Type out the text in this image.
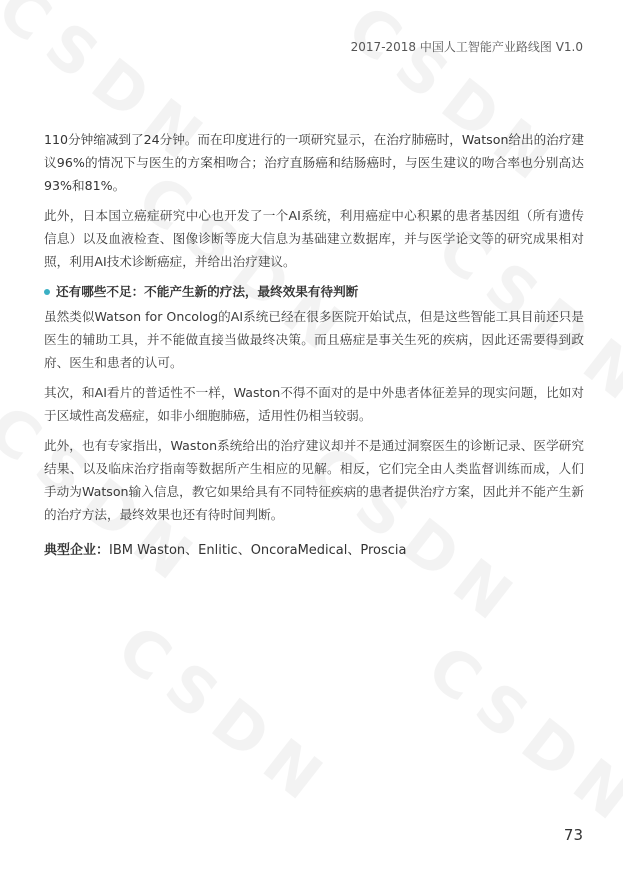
2017-2018 中国人工智能产业路线图 V1.0

110分钟缩减到了24分钟。而在印度进行的一项研究显示，在治疗肺癌时，Watson给出的治疗建议96%的情况下与医生的方案相吻合；治疗直肠癌和结肠癌时，与医生建议的吻合率也分别高达93%和81%。

此外，日本国立癌症研究中心也开发了一个AI系统，利用癌症中心积累的患者基因组（所有遗传信息）以及血液检查、图像诊断等庞大信息为基础建立数据库，并与医学论文等的研究成果相对照，利用AI技术诊断癌症，并给出治疗建议。

还有哪些不足：不能产生新的疗法，最终效果有待判断

虽然类似Watson for Oncolog的AI系统已经在很多医院开始试点，但是这些智能工具目前还只是医生的辅助工具，并不能做直接当做最终决策。而且癌症是事关生死的疾病，因此还需要得到政府、医生和患者的认可。

其次，和AI看片的普适性不一样，Waston不得不面对的是中外患者体征差异的现实问题，比如对于区域性高发癌症，如非小细胞肺癌，适用性仍相当较弱。

此外，也有专家指出，Waston系统给出的治疗建议却并不是通过洞察医生的诊断记录、医学研究结果、以及临床治疗指南等数据所产生相应的见解。相反，它们完全由人类监督训练而成，人们手动为Watson输入信息，教它如果给具有不同特征疾病的患者提供治疗方案，因此并不能产生新的治疗方法，最终效果也还有待时间判断。

典型企业：IBM Waston、Enlitic、OncoraMedical、Proscia
73
